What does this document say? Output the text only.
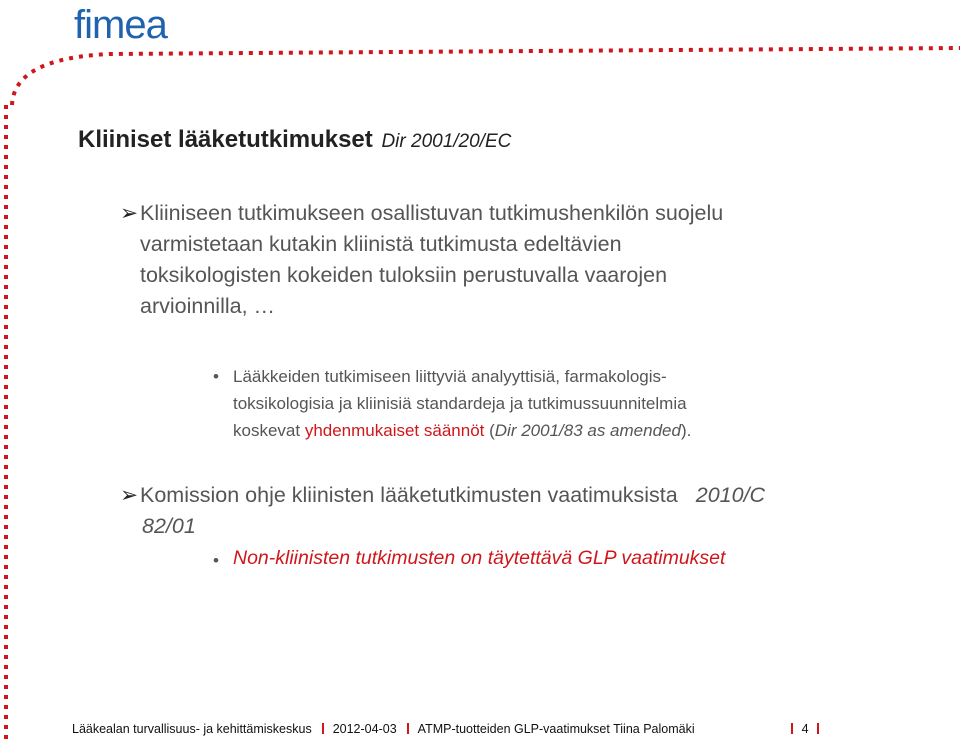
fimea
Kliiniset lääketutkimukset Dir 2001/20/EC
➢Kliiniseen tutkimukseen osallistuvan tutkimushenkilön suojelu
varmistetaan kutakin kliinistä tutkimusta edeltävien
toksikologisten kokeiden tuloksiin perustuvalla vaarojen
arvioinnilla, …
• Lääkkeiden tutkimiseen liittyviä analyyttisiä, farmakologis-
toksikologisia ja kliinisiä standardeja ja tutkimussuunnitelmia
koskevat yhdenmukaiset säännöt (Dir 2001/83 as amended).
➢Komission ohje kliinisten lääketutkimusten vaatimuksista 2010/C
82/01
• Non-kliinisten tutkimusten on täytettävä GLP vaatimukset
Lääkealan turvallisuus- ja kehittämiskeskus 2012-04-03 ATMP-tuotteiden GLP-vaatimukset Tiina Palomäki	4
